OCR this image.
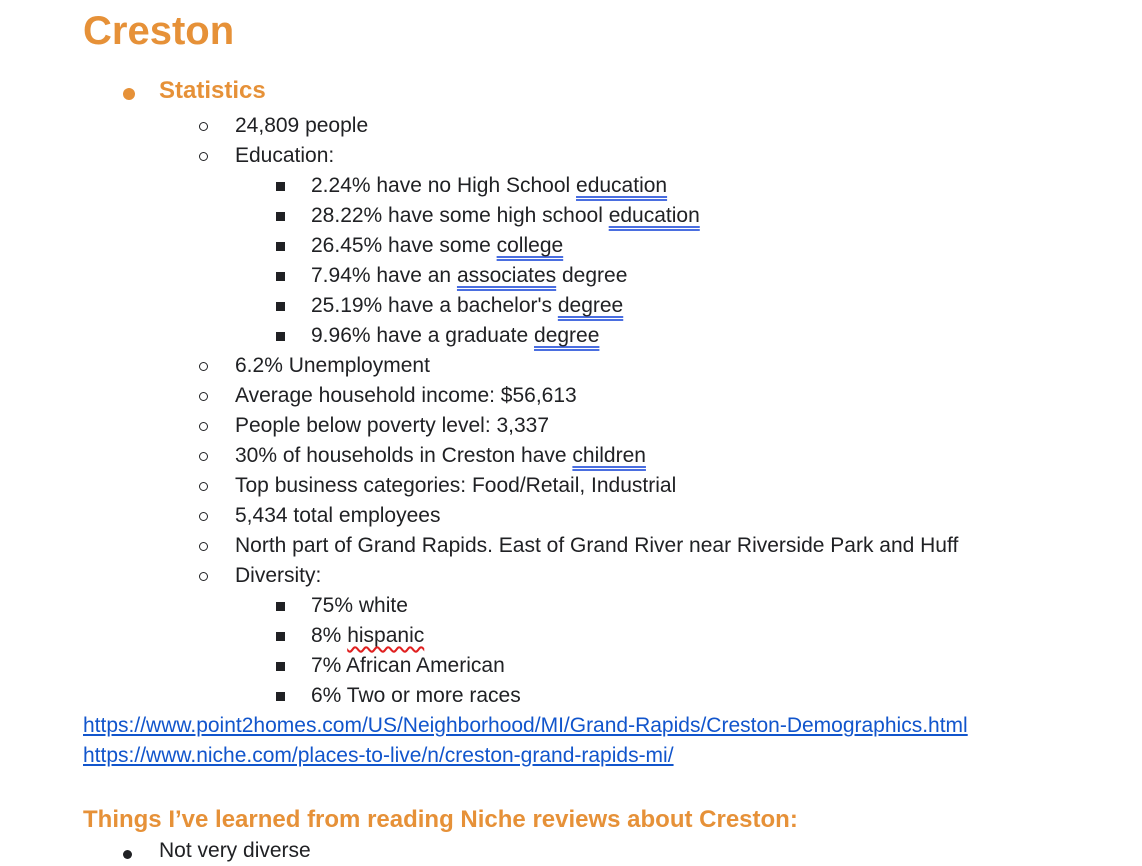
Creston
Statistics
24,809 people
Education:
2.24% have no High School education
28.22% have some high school education
26.45% have some college
7.94% have an associates degree
25.19% have a bachelor's degree
9.96% have a graduate degree
6.2% Unemployment
Average household income: $56,613
People below poverty level: 3,337
30% of households in Creston have children
Top business categories: Food/Retail, Industrial
5,434 total employees
North part of Grand Rapids. East of Grand River near Riverside Park and Huff
Diversity:
75% white
8% hispanic
7% African American
6% Two or more races
https://www.point2homes.com/US/Neighborhood/MI/Grand-Rapids/Creston-Demographics.html
https://www.niche.com/places-to-live/n/creston-grand-rapids-mi/
Things I’ve learned from reading Niche reviews about Creston:
Not very diverse
